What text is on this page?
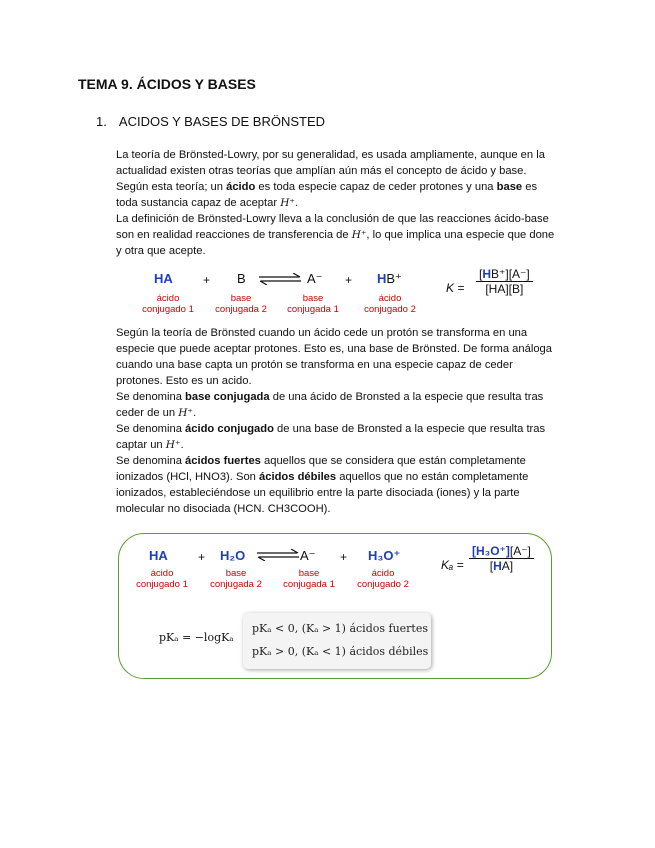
TEMA 9. ÁCIDOS Y BASES
1. ACIDOS Y BASES DE BRÖNSTED
La teoría de Brönsted-Lowry, por su generalidad, es usada ampliamente, aunque en la
actualidad existen otras teorías que amplían aún más el concepto de ácido y base.
Según esta teoría; un ácido es toda especie capaz de ceder protones y una base es
toda sustancia capaz de aceptar H⁺.
La definición de Brönsted-Lowry lleva a la conclusión de que las reacciones ácido-base
son en realidad reacciones de transferencia de H⁺, lo que implica una especie que done
y otra que acepte.
HA	+ B ⇌ A⁻ + HB⁺
ácido
conjugado 1
base
conjugada 2
base
conjugada 1
ácido
conjugado 2
$K = \frac{[HB^+][A^-]}{[HA][B]}$
Según la teoría de Brönsted cuando un ácido cede un protón se transforma en una
especie que puede aceptar protones. Esto es, una base de Brönsted. De forma análoga
cuando una base capta un protón se transforma en una especie capaz de ceder
protones. Esto es un acido.
Se denomina base conjugada de una ácido de Bronsted a la especie que resulta tras
ceder de un H⁺.
Se denomina ácido conjugado de una base de Bronsted a la especie que resulta tras
captar un H⁺.
Se denomina ácidos fuertes aquellos que se considera que están completamente
ionizados (HCl, HNO3). Son ácidos débiles aquellos que no están completamente
ionizados, estableciéndose un equilibrio entre la parte disociada (iones) y la parte
molecular no disociada (HCN. CH3COOH).
HA	+ H₂O ⇌ A⁻ + H₃O⁺
ácido
conjugado 1
base
conjugada 2
base
conjugada 1
ácido
conjugado 2
$K_a = \frac{\text{[H₃O⁺][A⁻]}}{[HA]}$
pKₐ = −logKₐ
pKₐ < 0, (Kₐ > 1) ácidos fuertes
pKₐ > 0, (Kₐ < 1) ácidos débiles
